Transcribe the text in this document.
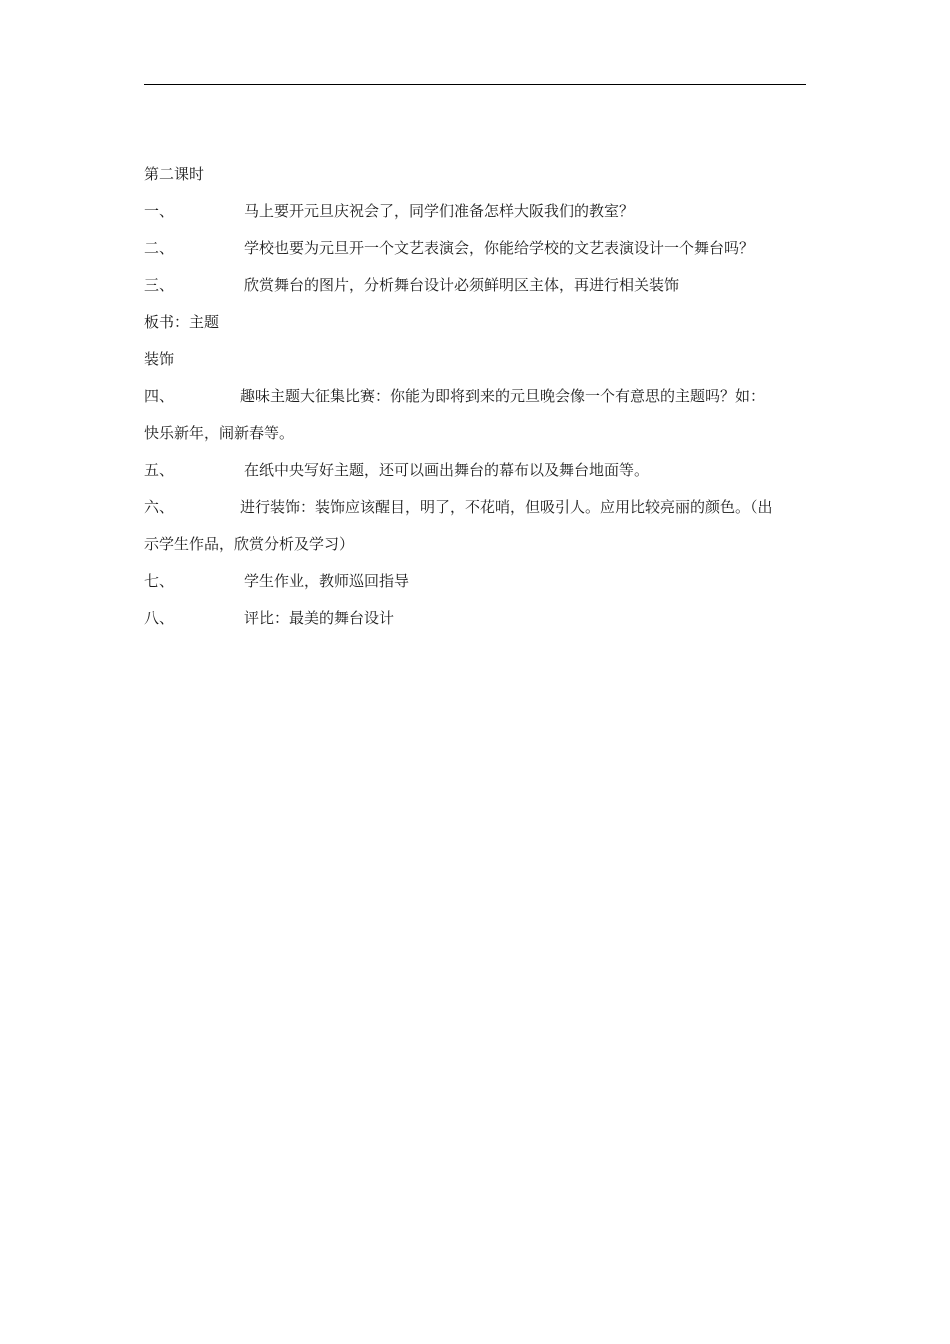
第二课时
一、	马上要开元旦庆祝会了，同学们准备怎样大阪我们的教室？
二、	学校也要为元旦开一个文艺表演会，你能给学校的文艺表演设计一个舞台吗？
三、	欣赏舞台的图片，分析舞台设计必须鲜明区主体，再进行相关装饰
板书：主题
装饰
四、	趣味主题大征集比赛：你能为即将到来的元旦晚会像一个有意思的主题吗？如：
快乐新年，闹新春等。
五、	在纸中央写好主题，还可以画出舞台的幕布以及舞台地面等。
六、	进行装饰：装饰应该醒目，明了，不花哨，但吸引人。应用比较亮丽的颜色。（出
示学生作品，欣赏分析及学习）
七、	学生作业，教师巡回指导
八、	评比：最美的舞台设计
